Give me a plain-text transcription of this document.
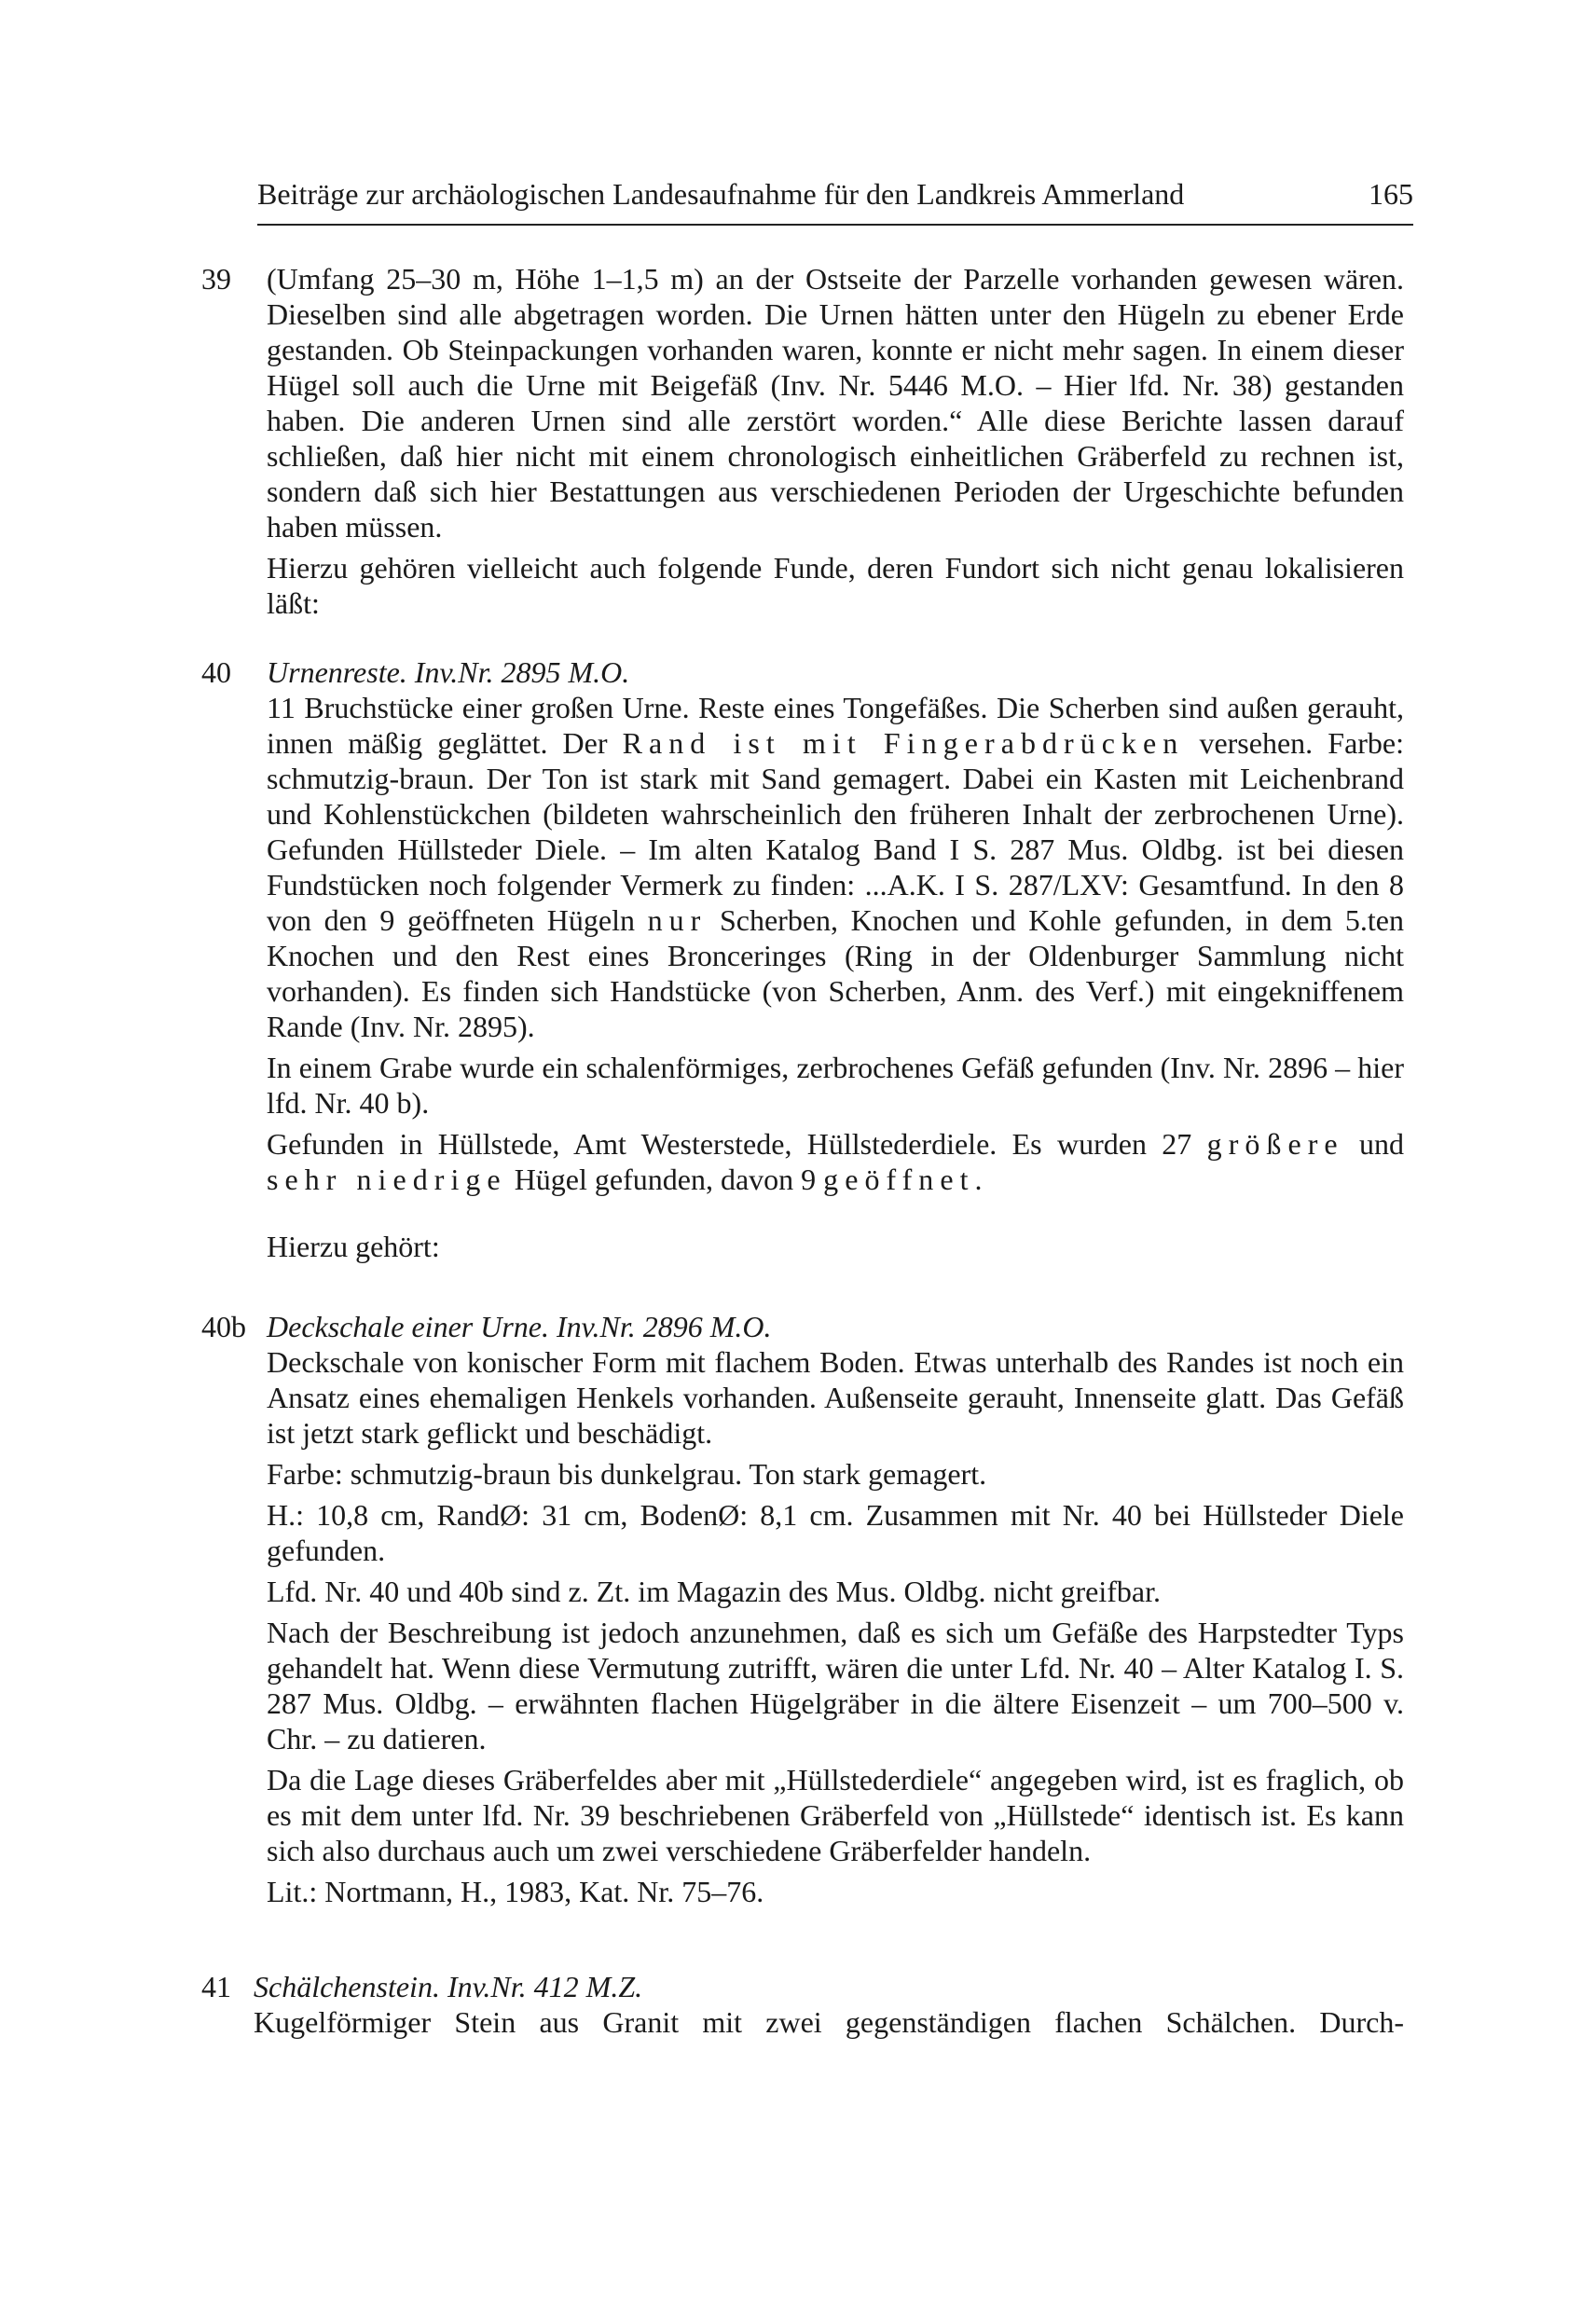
Beiträge zur archäologischen Landesaufnahme für den Landkreis Ammerland	165
39 (Umfang 25–30 m, Höhe 1–1,5 m) an der Ostseite der Parzelle vorhanden gewesen wären. Dieselben sind alle abgetragen worden. Die Urnen hätten unter den Hügeln zu ebener Erde gestanden. Ob Steinpackungen vorhanden waren, konnte er nicht mehr sagen. In einem dieser Hügel soll auch die Urne mit Beigefäß (Inv. Nr. 5446 M.O. – Hier lfd. Nr. 38) gestanden haben. Die anderen Urnen sind alle zerstört worden.“ Alle diese Berichte lassen darauf schließen, daß hier nicht mit einem chronologisch einheitlichen Gräberfeld zu rechnen ist, sondern daß sich hier Bestattungen aus verschiedenen Perioden der Urgeschichte befunden haben müssen.

Hierzu gehören vielleicht auch folgende Funde, deren Fundort sich nicht genau lokalisieren läßt:

40 Urnenreste. Inv.Nr. 2895 M.O.

11 Bruchstücke einer großen Urne. Reste eines Tongefäßes. Die Scherben sind außen gerauht, innen mäßig geglättet. Der Rand ist mit Fingerabdrücken versehen. Farbe: schmutzig-braun. Der Ton ist stark mit Sand gemagert. Dabei ein Kasten mit Leichenbrand und Kohlenstückchen (bildeten wahrscheinlich den früheren Inhalt der zerbrochenen Urne). Gefunden Hüllsteder Diele. – Im alten Katalog Band I S. 287 Mus. Oldbg. ist bei diesen Fundstücken noch folgender Vermerk zu finden: ...A.K. I S. 287/LXV: Gesamtfund. In den 8 von den 9 geöffneten Hügeln nur Scherben, Knochen und Kohle gefunden, in dem 5.ten Knochen und den Rest eines Bronceringes (Ring in der Oldenburger Sammlung nicht vorhanden). Es finden sich Handstücke (von Scherben, Anm. des Verf.) mit eingekniffenem Rande (Inv. Nr. 2895).

In einem Grabe wurde ein schalenförmiges, zerbrochenes Gefäß gefunden (Inv. Nr. 2896 – hier lfd. Nr. 40 b).

Gefunden in Hüllstede, Amt Westerstede, Hüllstederdiele. Es wurden 27 größere und sehr niedrige Hügel gefunden, davon 9 geöffnet.

Hierzu gehört:

40b Deckschale einer Urne. Inv.Nr. 2896 M.O.

Deckschale von konischer Form mit flachem Boden. Etwas unterhalb des Randes ist noch ein Ansatz eines ehemaligen Henkels vorhanden. Außenseite gerauht, Innenseite glatt. Das Gefäß ist jetzt stark geflickt und beschädigt.

Farbe: schmutzig-braun bis dunkelgrau. Ton stark gemagert.

H.: 10,8 cm, RandØ: 31 cm, BodenØ: 8,1 cm. Zusammen mit Nr. 40 bei Hüllsteder Diele gefunden.

Lfd. Nr. 40 und 40b sind z. Zt. im Magazin des Mus. Oldbg. nicht greifbar.

Nach der Beschreibung ist jedoch anzunehmen, daß es sich um Gefäße des Harpstedter Typs gehandelt hat. Wenn diese Vermutung zutrifft, wären die unter Lfd. Nr. 40 – Alter Katalog I. S. 287 Mus. Oldbg. – erwähnten flachen Hügelgräber in die ältere Eisenzeit – um 700–500 v. Chr. – zu datieren.

Da die Lage dieses Gräberfeldes aber mit „Hüllstederdiele“ angegeben wird, ist es fraglich, ob es mit dem unter lfd. Nr. 39 beschriebenen Gräberfeld von „Hüllstede“ identisch ist. Es kann sich also durchaus auch um zwei verschiedene Gräberfelder handeln.

Lit.: Nortmann, H., 1983, Kat. Nr. 75–76.

41 Schälchenstein. Inv.Nr. 412 M.Z.

Kugelförmiger Stein aus Granit mit zwei gegenständigen flachen Schälchen. Durch-
